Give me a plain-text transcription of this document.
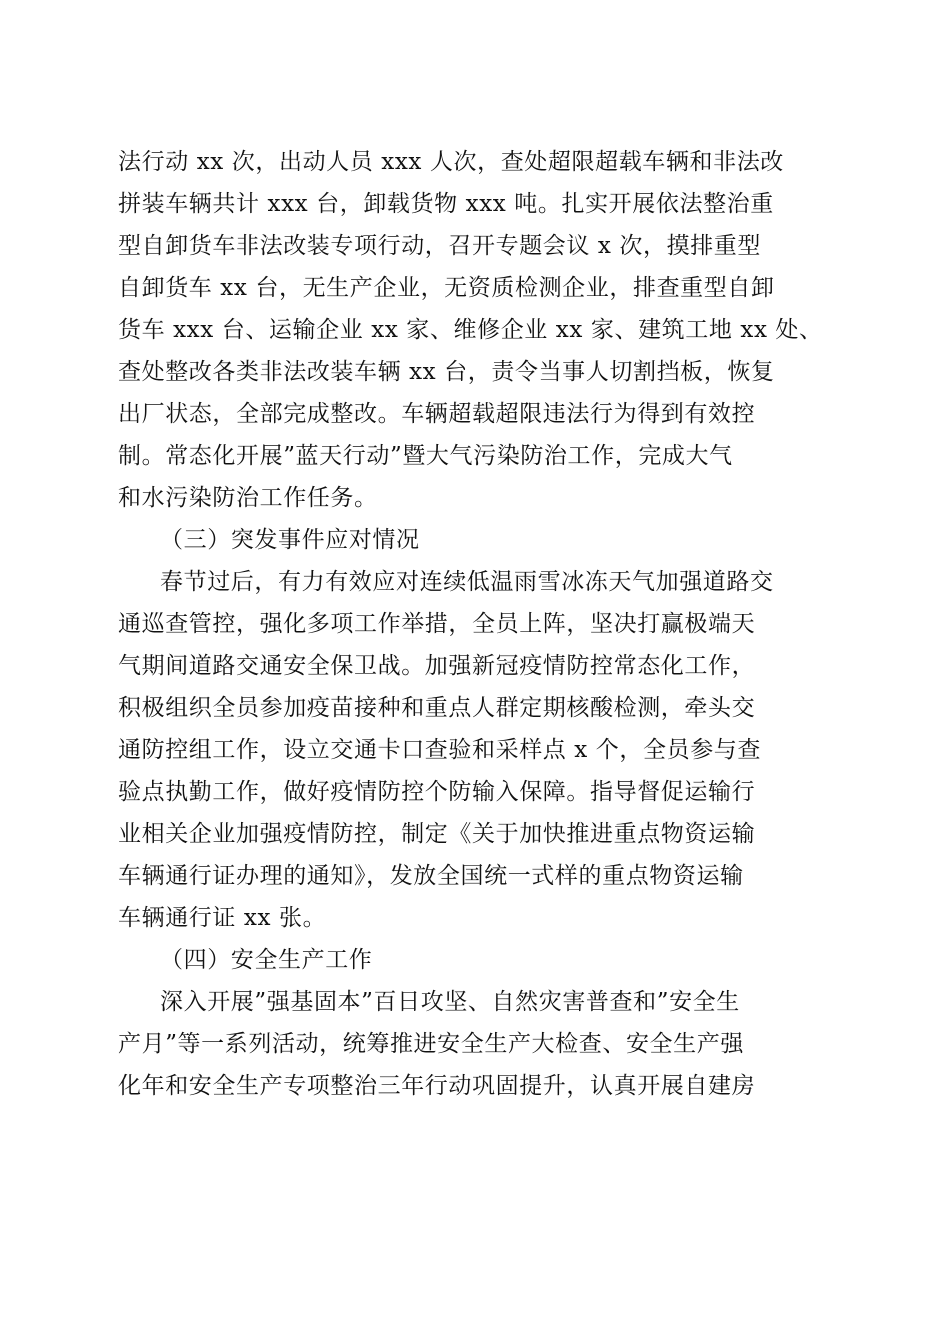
法行动 xx 次，出动人员 xxx 人次，查处超限超载车辆和非法改
拼装车辆共计 xxx 台，卸载货物 xxx 吨。扎实开展依法整治重
型自卸货车非法改装专项行动，召开专题会议 x 次，摸排重型
自卸货车 xx 台，无生产企业，无资质检测企业，排查重型自卸
货车 xxx 台、运输企业 xx 家、维修企业 xx 家、建筑工地 xx 处、
查处整改各类非法改装车辆 xx 台，责令当事人切割挡板，恢复
出厂状态，全部完成整改。车辆超载超限违法行为得到有效控
制。常态化开展”蓝天行动”暨大气污染防治工作，完成大气
和水污染防治工作任务。
（三）突发事件应对情况
春节过后，有力有效应对连续低温雨雪冰冻天气加强道路交
通巡查管控，强化多项工作举措，全员上阵，坚决打赢极端天
气期间道路交通安全保卫战。加强新冠疫情防控常态化工作，
积极组织全员参加疫苗接种和重点人群定期核酸检测，牵头交
通防控组工作，设立交通卡口查验和采样点 x 个，全员参与查
验点执勤工作，做好疫情防控个防输入保障。指导督促运输行
业相关企业加强疫情防控，制定《关于加快推进重点物资运输
车辆通行证办理的通知》，发放全国统一式样的重点物资运输
车辆通行证 xx 张。
（四）安全生产工作
深入开展”强基固本”百日攻坚、自然灾害普查和”安全生
产月”等一系列活动，统筹推进安全生产大检查、安全生产强
化年和安全生产专项整治三年行动巩固提升，认真开展自建房
